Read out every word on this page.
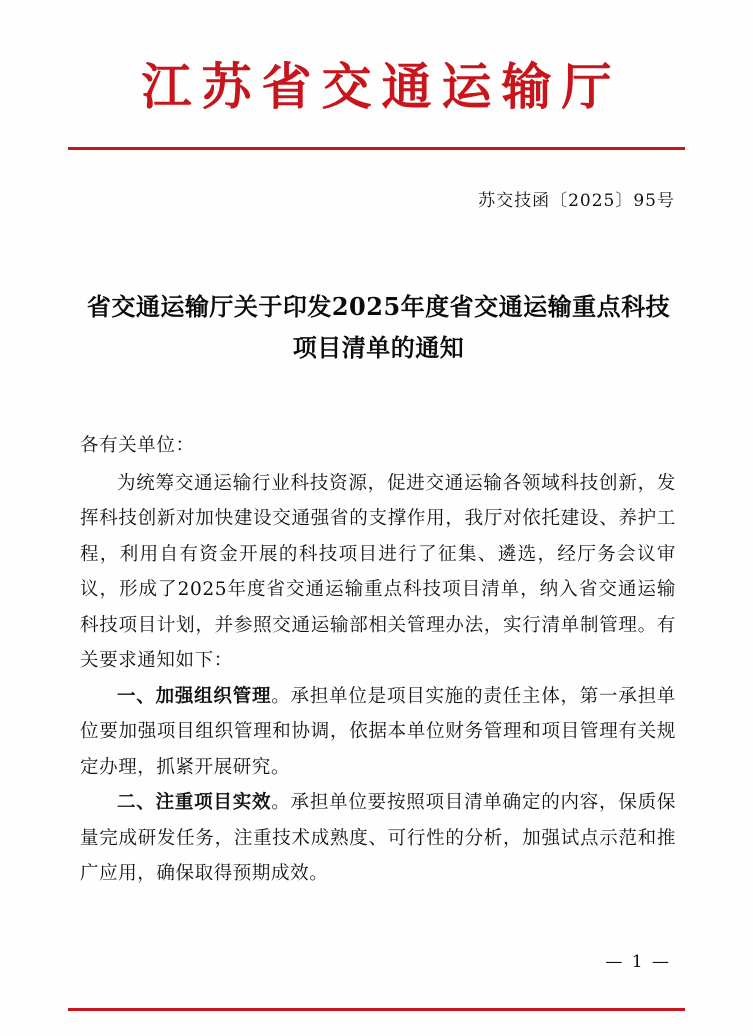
江苏省交通运输厅
苏交技函〔2025〕95号
省交通运输厅关于印发2025年度省交通运输重点科技项目清单的通知

各有关单位：

为统筹交通运输行业科技资源，促进交通运输各领域科技创新，发挥科技创新对加快建设交通强省的支撑作用，我厅对依托建设、养护工程，利用自有资金开展的科技项目进行了征集、遴选，经厅务会议审议，形成了2025年度省交通运输重点科技项目清单，纳入省交通运输科技项目计划，并参照交通运输部相关管理办法，实行清单制管理。有关要求通知如下：

一、加强组织管理。承担单位是项目实施的责任主体，第一承担单位要加强项目组织管理和协调，依据本单位财务管理和项目管理有关规定办理，抓紧开展研究。

二、注重项目实效。承担单位要按照项目清单确定的内容，保质保量完成研发任务，注重技术成熟度、可行性的分析，加强试点示范和推广应用，确保取得预期成效。

— 1 —
